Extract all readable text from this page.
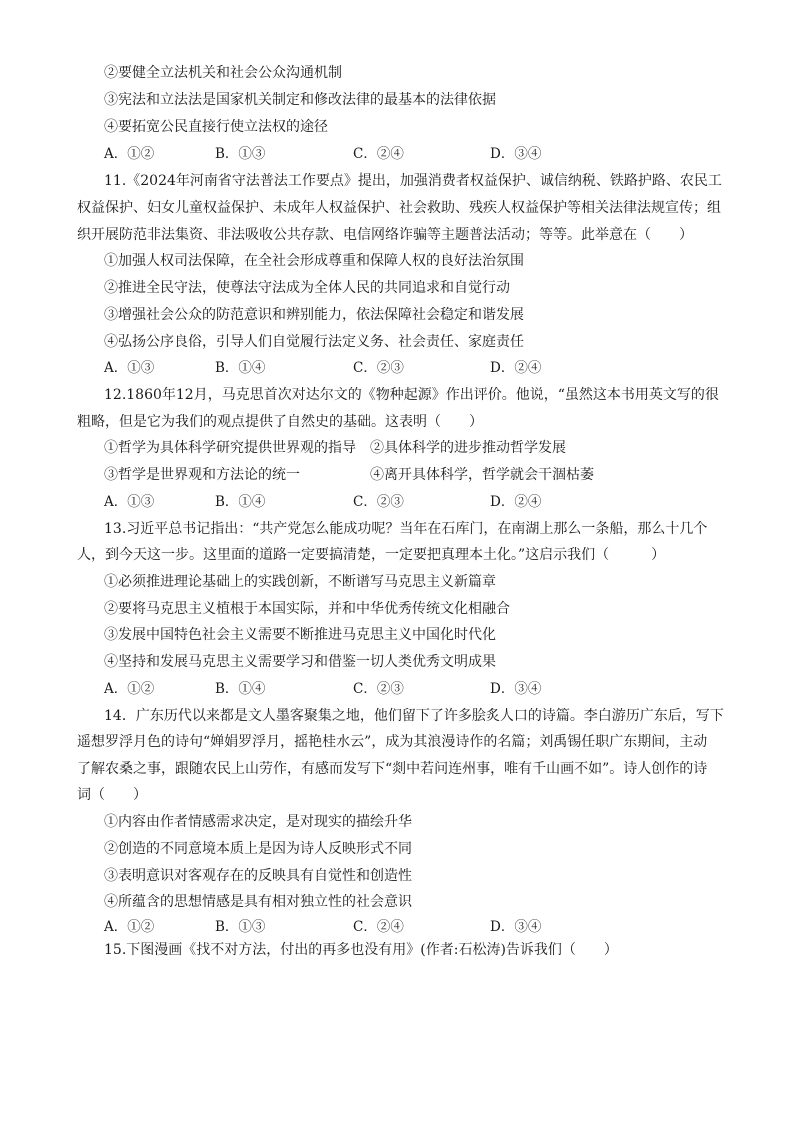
②要健全立法机关和社会公众沟通机制
③宪法和立法法是国家机关制定和修改法律的最基本的法律依据
④要拓宽公民直接行使立法权的途径
A．①②	B．①③	C．②④	D．③④
11.《2024年河南省守法普法工作要点》提出，加强消费者权益保护、诚信纳税、铁路护路、农民工
权益保护、妇女儿童权益保护、未成年人权益保护、社会救助、残疾人权益保护等相关法律法规宣传；组
织开展防范非法集资、非法吸收公共存款、电信网络诈骗等主题普法活动；等等。此举意在（　　）
①加强人权司法保障，在全社会形成尊重和保障人权的良好法治氛围
②推进全民守法，使尊法守法成为全体人民的共同追求和自觉行动
③增强社会公众的防范意识和辨别能力，依法保障社会稳定和谐发展
④弘扬公序良俗，引导人们自觉履行法定义务、社会责任、家庭责任
A．①③	B．①④	C．②③	D．②④
12.1860年12月，马克思首次对达尔文的《物种起源》作出评价。他说，“虽然这本书用英文写的很
粗略，但是它为我们的观点提供了自然史的基础。这表明（　　）
①哲学为具体科学研究提供世界观的指导 ②具体科学的进步推动哲学发展
③哲学是世界观和方法论的统一	④离开具体科学，哲学就会干涸枯萎
A．①③	B．①④	C．②③	D．②④
13.习近平总书记指出：“共产党怎么能成功呢？当年在石库门，在南湖上那么一条船，那么十几个
人，到今天这一步。这里面的道路一定要搞清楚，一定要把真理本土化。”这启示我们（　　　）
①必须推进理论基础上的实践创新，不断谱写马克思主义新篇章
②要将马克思主义植根于本国实际，并和中华优秀传统文化相融合
③发展中国特色社会主义需要不断推进马克思主义中国化时代化
④坚持和发展马克思主义需要学习和借鉴一切人类优秀文明成果
A．①②	B．①④	C．②③	D．③④
14．广东历代以来都是文人墨客聚集之地，他们留下了许多脍炙人口的诗篇。李白游历广东后，写下
遥想罗浮月色的诗句“婵娟罗浮月，摇艳桂水云”，成为其浪漫诗作的名篇；刘禹锡任职广东期间，主动
了解农桑之事，跟随农民上山劳作，有感而发写下“剡中若问连州事，唯有千山画不如”。诗人创作的诗
词（　　）
①内容由作者情感需求决定，是对现实的描绘升华
②创造的不同意境本质上是因为诗人反映形式不同
③表明意识对客观存在的反映具有自觉性和创造性
④所蕴含的思想情感是具有相对独立性的社会意识
A．①②	B．①③	C．②④	D．③④
15.下图漫画《找不对方法，付出的再多也没有用》(作者:石松涛)告诉我们（　　）
